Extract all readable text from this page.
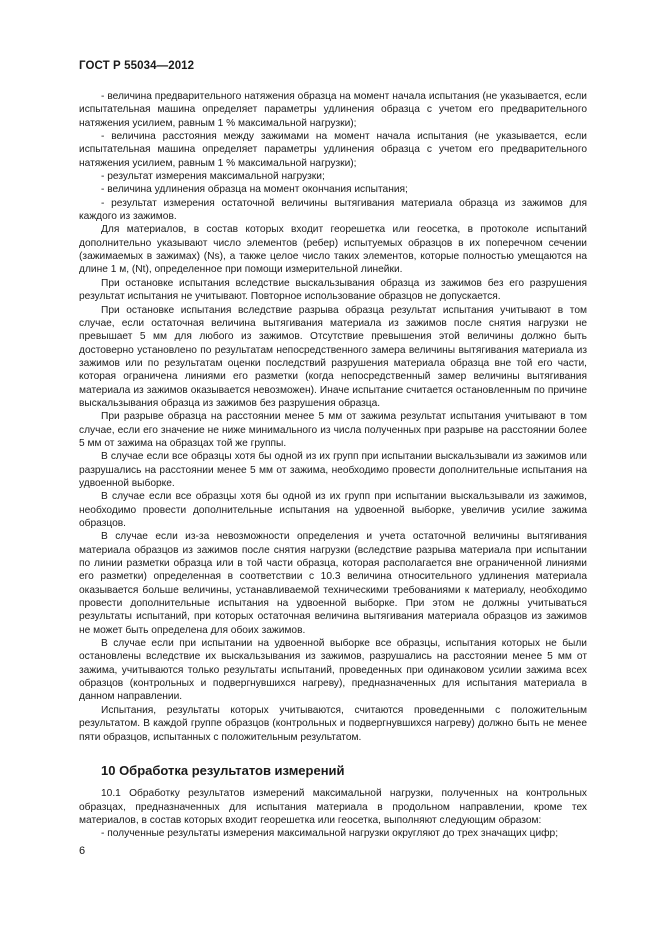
ГОСТ Р 55034—2012

- величина предварительного натяжения образца на момент начала испытания (не указывается, если испытательная машина определяет параметры удлинения образца с учетом его предварительного натяжения усилием, равным 1 % максимальной нагрузки);

- величина расстояния между зажимами на момент начала испытания (не указывается, если испытательная машина определяет параметры удлинения образца с учетом его предварительного натяжения усилием, равным 1 % максимальной нагрузки);

- результат измерения максимальной нагрузки;

- величина удлинения образца на момент окончания испытания;

- результат измерения остаточной величины вытягивания материала образца из зажимов для каждого из зажимов.

Для материалов, в состав которых входит георешетка или геосетка, в протоколе испытаний дополнительно указывают число элементов (ребер) испытуемых образцов в их поперечном сечении (зажимаемых в зажимах) (Ns), а также целое число таких элементов, которые полностью умещаются на длине 1 м, (Nt), определенное при помощи измерительной линейки.

При остановке испытания вследствие выскальзывания образца из зажимов без его разрушения результат испытания не учитывают. Повторное использование образцов не допускается.

При остановке испытания вследствие разрыва образца результат испытания учитывают в том случае, если остаточная величина вытягивания материала из зажимов после снятия нагрузки не превышает 5 мм для любого из зажимов. Отсутствие превышения этой величины должно быть достоверно установлено по результатам непосредственного замера величины вытягивания материала из зажимов или по результатам оценки последствий разрушения материала образца вне той его части, которая ограничена линиями его разметки (когда непосредственный замер величины вытягивания материала из зажимов оказывается невозможен). Иначе испытание считается остановленным по причине выскальзывания образца из зажимов без разрушения образца.

При разрыве образца на расстоянии менее 5 мм от зажима результат испытания учитывают в том случае, если его значение не ниже минимального из числа полученных при разрыве на расстоянии более 5 мм от зажима на образцах той же группы.

В случае если все образцы хотя бы одной из их групп при испытании выскальзывали из зажимов или разрушались на расстоянии менее 5 мм от зажима, необходимо провести дополнительные испытания на удвоенной выборке.

В случае если все образцы хотя бы одной из их групп при испытании выскальзывали из зажимов, необходимо провести дополнительные испытания на удвоенной выборке, увеличив усилие зажима образцов.

В случае если из-за невозможности определения и учета остаточной величины вытягивания материала образцов из зажимов после снятия нагрузки (вследствие разрыва материала при испытании по линии разметки образца или в той части образца, которая располагается вне ограниченной линиями его разметки) определенная в соответствии с 10.3 величина относительного удлинения материала оказывается больше величины, устанавливаемой техническими требованиями к материалу, необходимо провести дополнительные испытания на удвоенной выборке. При этом не должны учитываться результаты испытаний, при которых остаточная величина вытягивания материала образцов из зажимов не может быть определена для обоих зажимов.

В случае если при испытании на удвоенной выборке все образцы, испытания которых не были остановлены вследствие их выскальзывания из зажимов, разрушались на расстоянии менее 5 мм от зажима, учитываются только результаты испытаний, проведенных при одинаковом усилии зажима всех образцов (контрольных и подвергнувшихся нагреву), предназначенных для испытания материала в данном направлении.

Испытания, результаты которых учитываются, считаются проведенными с положительным результатом. В каждой группе образцов (контрольных и подвергнувшихся нагреву) должно быть не менее пяти образцов, испытанных с положительным результатом.

10 Обработка результатов измерений

10.1 Обработку результатов измерений максимальной нагрузки, полученных на контрольных образцах, предназначенных для испытания материала в продольном направлении, кроме тех материалов, в состав которых входит георешетка или геосетка, выполняют следующим образом:

- полученные результаты измерения максимальной нагрузки округляют до трех значащих цифр;

6
